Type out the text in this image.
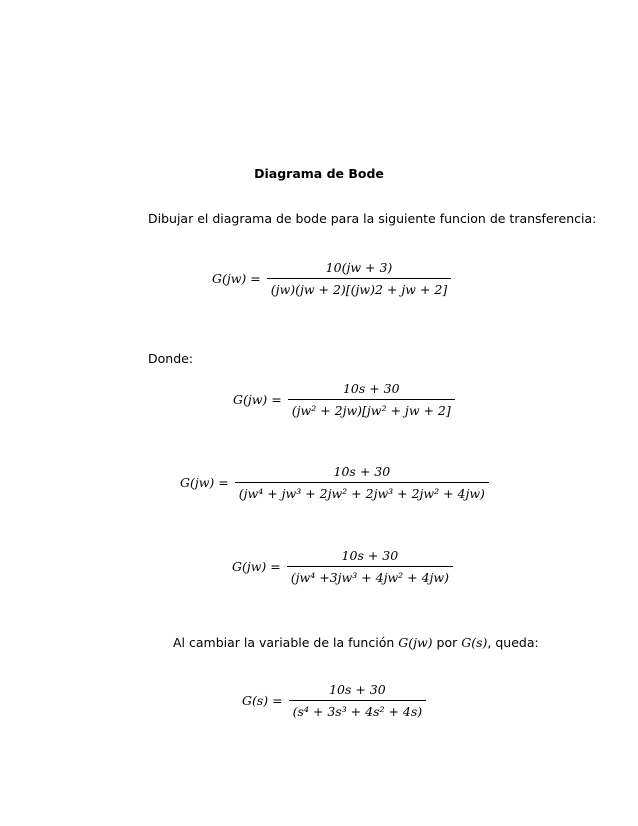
Diagrama de Bode
Dibujar el diagrama de bode para la siguiente funcion de transferencia:
$G(jw) = \frac{10(jw + 3)}{(jw)(jw + 2)[(jw)2 + jw + 2]}$
Donde:
$G(jw) = \frac{10s + 30}{\text{(jw² + 2jw)[jw² + jw + 2]}}$
$G(jw) = \frac{10s + 30}{\text{(jw⁴ + jw³ + 2jw² + 2jw³ + 2jw² + 4jw)}}$
$G(jw) = \frac{10s + 30}{\text{(jw⁴ +3jw³ + 4jw² + 4jw)}}$
Al cambiar la variable de la función G(jw) por G(s), queda:
$G(s) = \frac{10s + 30}{\text{(s⁴ + 3s³ + 4s² + 4s)}}$
